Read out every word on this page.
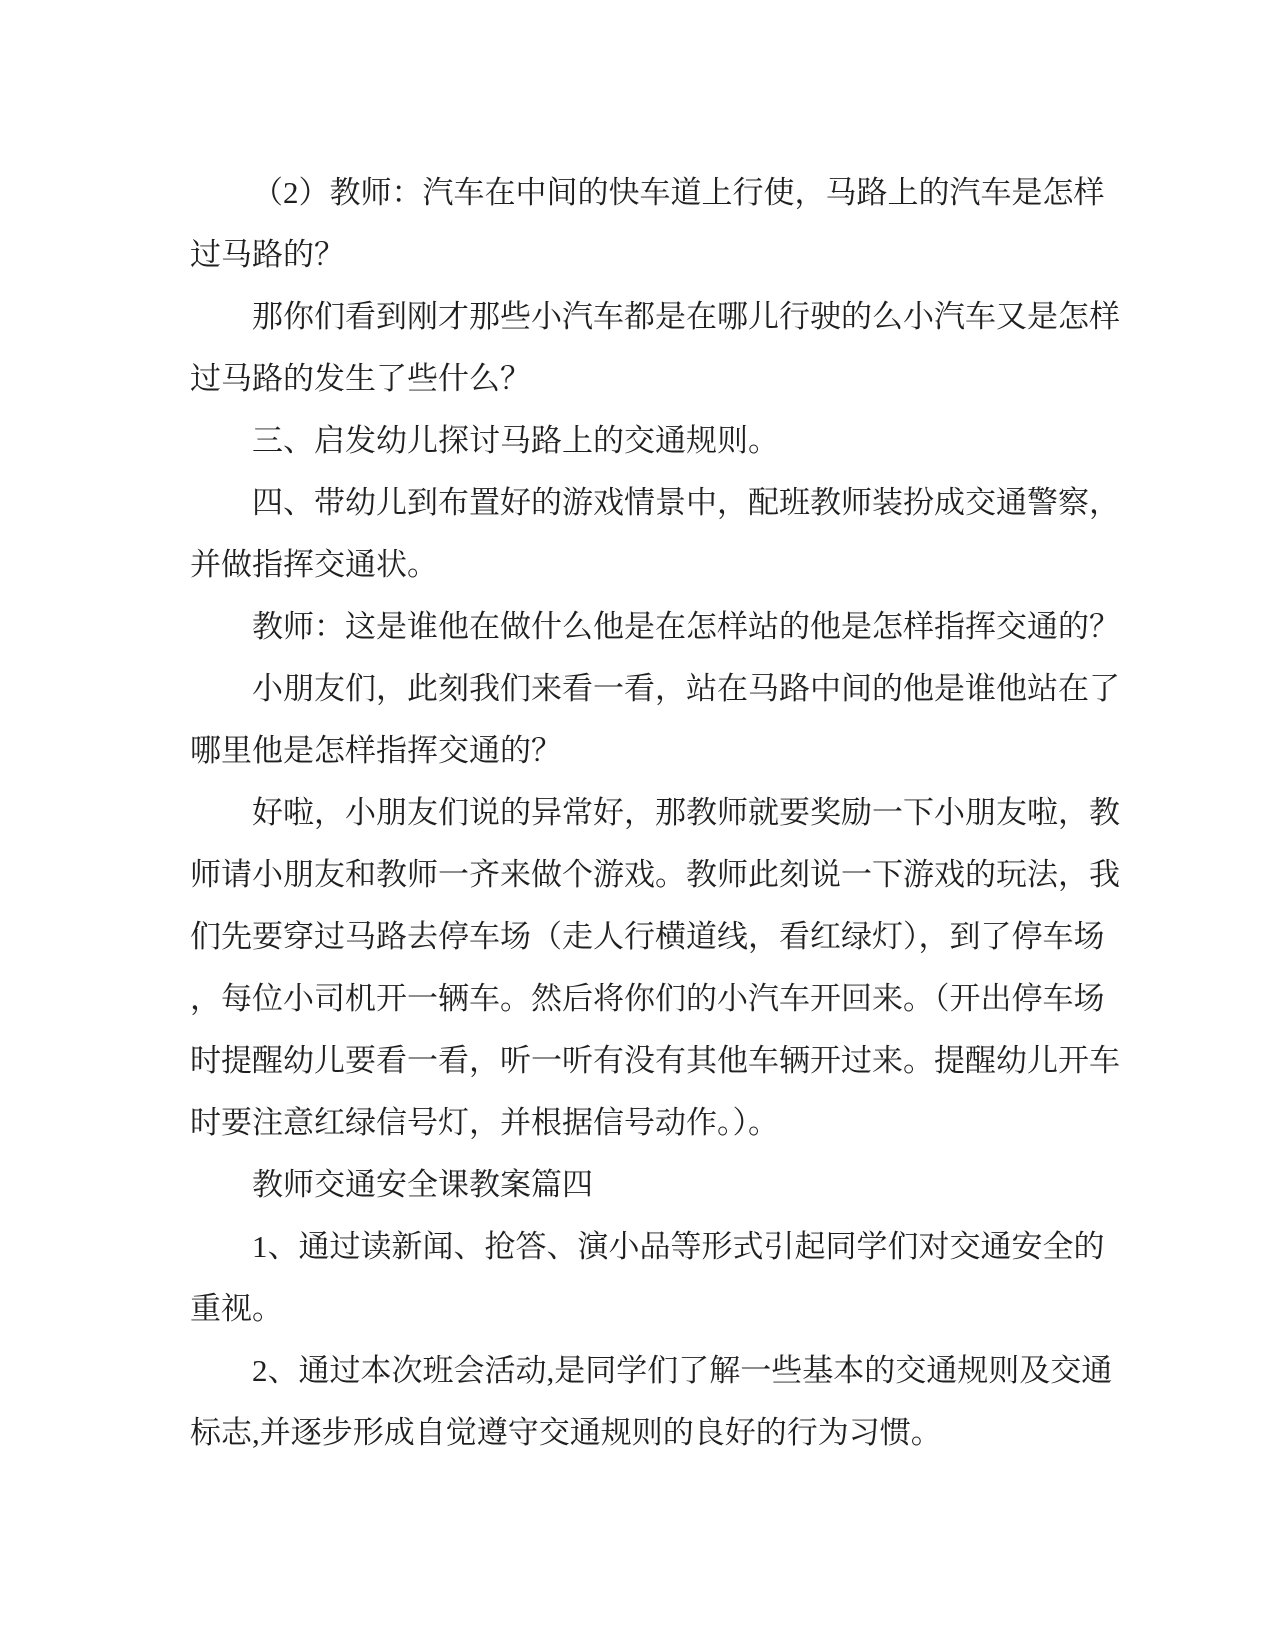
（2）教师：汽车在中间的快车道上行使，马路上的汽车是怎样
过马路的？
那你们看到刚才那些小汽车都是在哪儿行驶的么小汽车又是怎样
过马路的发生了些什么？
三、启发幼儿探讨马路上的交通规则。
四、带幼儿到布置好的游戏情景中，配班教师装扮成交通警察，
并做指挥交通状。
教师：这是谁他在做什么他是在怎样站的他是怎样指挥交通的？
小朋友们，此刻我们来看一看，站在马路中间的他是谁他站在了
哪里他是怎样指挥交通的？
好啦，小朋友们说的异常好，那教师就要奖励一下小朋友啦，教
师请小朋友和教师一齐来做个游戏。教师此刻说一下游戏的玩法，我
们先要穿过马路去停车场（走人行横道线，看红绿灯），到了停车场
，每位小司机开一辆车。然后将你们的小汽车开回来。（开出停车场
时提醒幼儿要看一看，听一听有没有其他车辆开过来。提醒幼儿开车
时要注意红绿信号灯，并根据信号动作。）。
教师交通安全课教案篇四
1、通过读新闻、抢答、演小品等形式引起同学们对交通安全的
重视。
2、通过本次班会活动,是同学们了解一些基本的交通规则及交通
标志,并逐步形成自觉遵守交通规则的良好的行为习惯。
